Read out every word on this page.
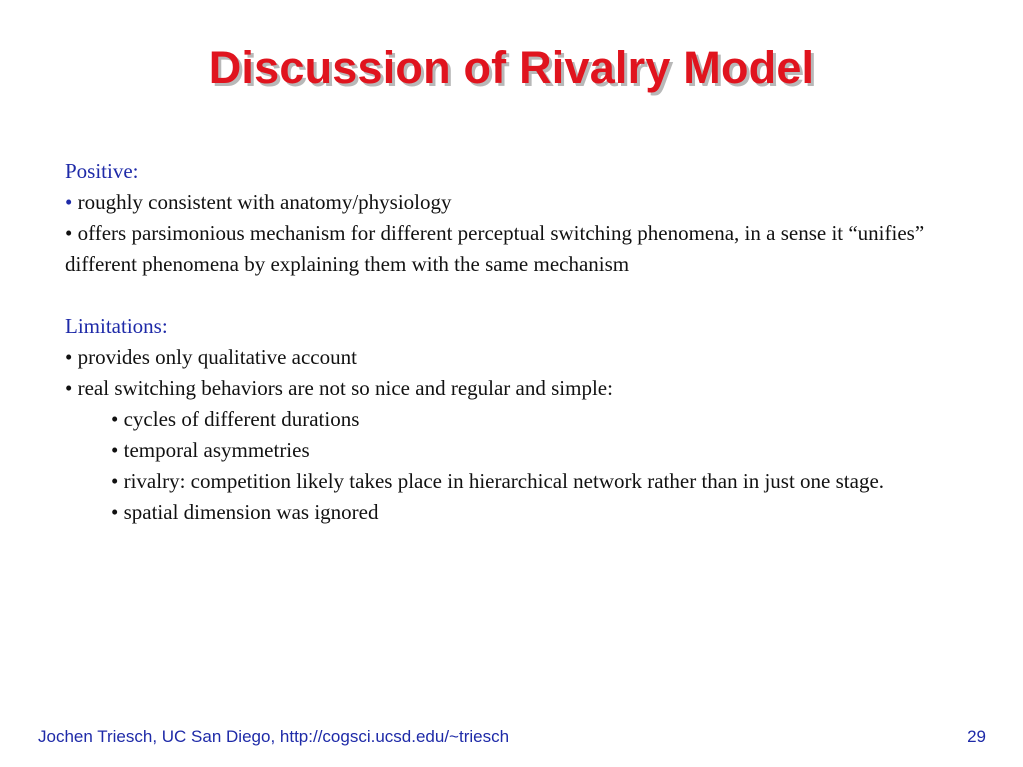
Discussion of Rivalry Model
Positive:
• roughly consistent with anatomy/physiology
• offers parsimonious mechanism for different perceptual switching phenomena, in a sense it “unifies” different phenomena by explaining them with the same mechanism
Limitations:
• provides only qualitative account
• real switching behaviors are not so nice and regular and simple:
• cycles of different durations
• temporal asymmetries
• rivalry: competition likely takes place in hierarchical network rather than in just one stage.
• spatial dimension was ignored
Jochen Triesch, UC San Diego, http://cogsci.ucsd.edu/~triesch	29
